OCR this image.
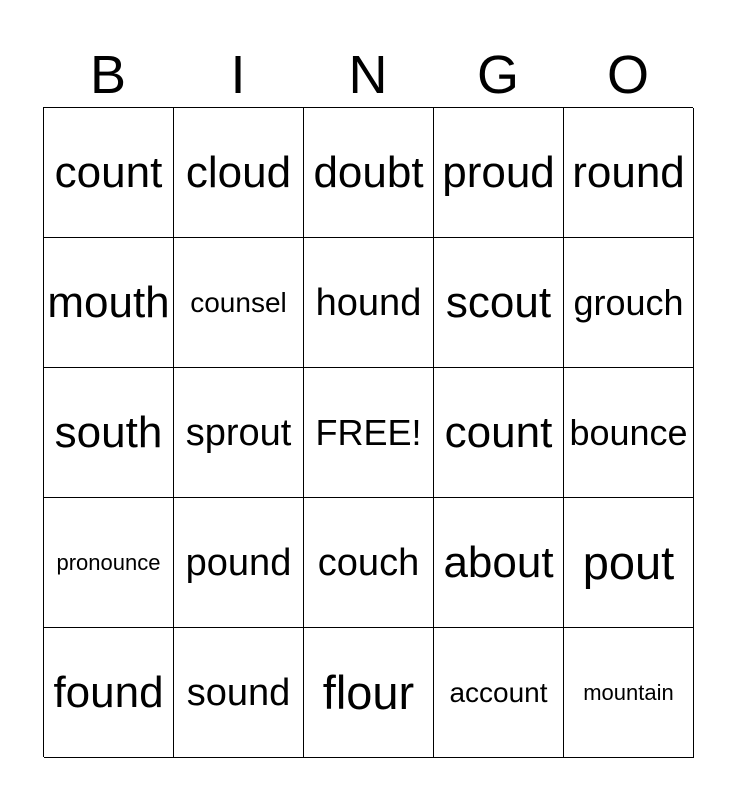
B	I	N	G	O
count cloud doubt proud round
mouth counsel hound scout grouch
south sprout FREE! count bounce
pronounce pound couch about pout
found sound flour	account	mountain
